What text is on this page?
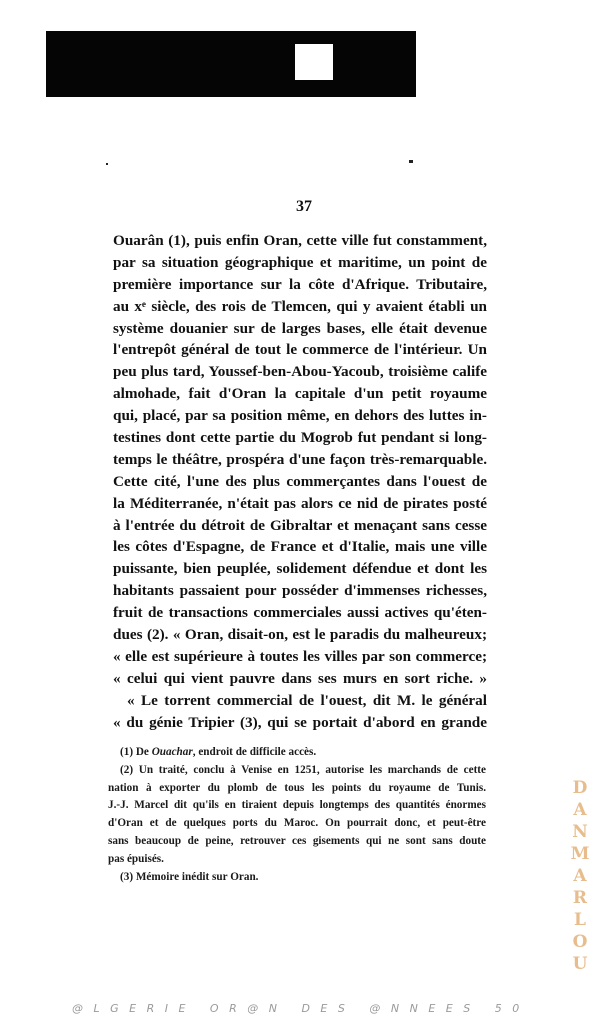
37
Ouarân (1), puis enfin Oran, cette ville fut constamment,
par sa situation géographique et maritime, un point de
première importance sur la côte d'Afrique. Tributaire,
au xᵉ siècle, des rois de Tlemcen, qui y avaient établi un
système douanier sur de larges bases, elle était devenue
l'entrepôt général de tout le commerce de l'intérieur. Un
peu plus tard, Youssef-ben-Abou-Yacoub, troisième calife
almohade, fait d'Oran la capitale d'un petit royaume
qui, placé, par sa position même, en dehors des luttes in-
testines dont cette partie du Mogrob fut pendant si long-
temps le théâtre, prospéra d'une façon très-remarquable.
Cette cité, l'une des plus commerçantes dans l'ouest de
la Méditerranée, n'était pas alors ce nid de pirates posté
à l'entrée du détroit de Gibraltar et menaçant sans cesse
les côtes d'Espagne, de France et d'Italie, mais une ville
puissante, bien peuplée, solidement défendue et dont les
habitants passaient pour posséder d'immenses richesses,
fruit de transactions commerciales aussi actives qu'éten-
dues (2). « Oran, disait-on, est le paradis du malheureux;
« elle est supérieure à toutes les villes par son commerce;
« celui qui vient pauvre dans ses murs en sort riche. »
« Le torrent commercial de l'ouest, dit M. le général
« du génie Tripier (3), qui se portait d'abord en grande
(1) De Ouachar, endroit de difficile accès.
(2) Un traité, conclu à Venise en 1251, autorise les marchands de cette
nation à exporter du plomb de tous les points du royaume de Tunis.
J.-J. Marcel dit qu'ils en tiraient depuis longtemps des quantités énormes
d'Oran et de quelques ports du Maroc. On pourrait donc, et peut-être
sans beaucoup de peine, retrouver ces gisements qui ne sont sans doute
pas épuisés.
(3) Mémoire inédit sur Oran.	DANMARLOU
@LGERIE OR@N DES @NNEES 50
